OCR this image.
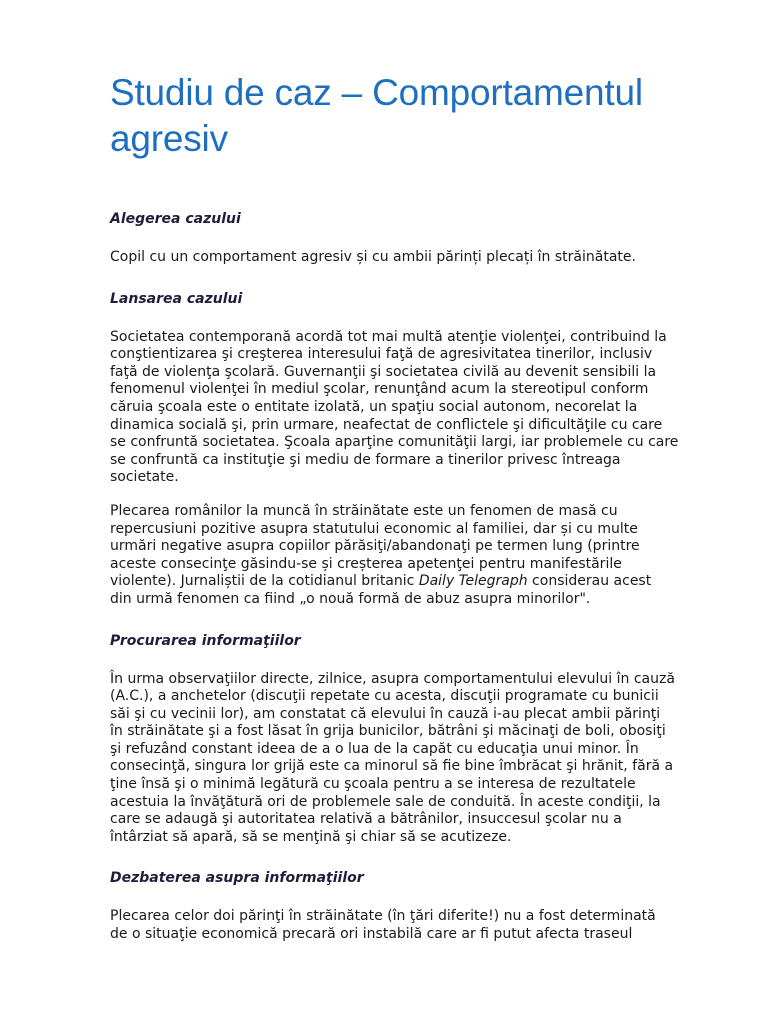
Studiu de caz – Comportamentul agresiv

Alegerea cazului

Copil cu un comportament agresiv și cu ambii părinți plecați în străinătate.

Lansarea cazului

Societatea contemporană acordă tot mai multă atenţie violenţei, contribuind la
conştientizarea şi creşterea interesului faţă de agresivitatea tinerilor, inclusiv
faţă de violenţa şcolară. Guvernanţii şi societatea civilă au devenit sensibili la
fenomenul violenţei în mediul şcolar, renunţând acum la stereotipul conform
căruia şcoala este o entitate izolată, un spaţiu social autonom, necorelat la
dinamica socială şi, prin urmare, neafectat de conflictele şi dificultăţile cu care
se confruntă societatea. Şcoala aparţine comunităţii largi, iar problemele cu care
se confruntă ca instituţie şi mediu de formare a tinerilor privesc întreaga
societate.

Plecarea românilor la muncă în străinătate este un fenomen de masă cu
repercusiuni pozitive asupra statutului economic al familiei, dar și cu multe
urmări negative asupra copiilor părăsiţi/abandonaţi pe termen lung (printre
aceste consecinţe găsindu-se și creșterea apetenţei pentru manifestările
violente). Jurnaliștii de la cotidianul britanic Daily Telegraph considerau acest
din urmă fenomen ca fiind „o nouă formă de abuz asupra minorilor".

Procurarea informaţiilor

În urma observaţiilor directe, zilnice, asupra comportamentului elevului în cauză
(A.C.), a anchetelor (discuţii repetate cu acesta, discuţii programate cu bunicii
săi şi cu vecinii lor), am constatat că elevului în cauză i-au plecat ambii părinţi
în străinătate şi a fost lăsat în grija bunicilor, bătrâni şi măcinaţi de boli, obosiţi
şi refuzând constant ideea de a o lua de la capăt cu educaţia unui minor. În
consecinţă, singura lor grijă este ca minorul să fie bine îmbrăcat şi hrănit, fără a
ţine însă şi o minimă legătură cu şcoala pentru a se interesa de rezultatele
acestuia la învăţătură ori de problemele sale de conduită. În aceste condiţii, la
care se adaugă şi autoritatea relativă a bătrânilor, insuccesul şcolar nu a
întârziat să apară, să se menţină şi chiar să se acutizeze.

Dezbaterea asupra informaţiilor

Plecarea celor doi părinţi în străinătate (în ţări diferite!) nu a fost determinată
de o situaţie economică precară ori instabilă care ar fi putut afecta traseul
